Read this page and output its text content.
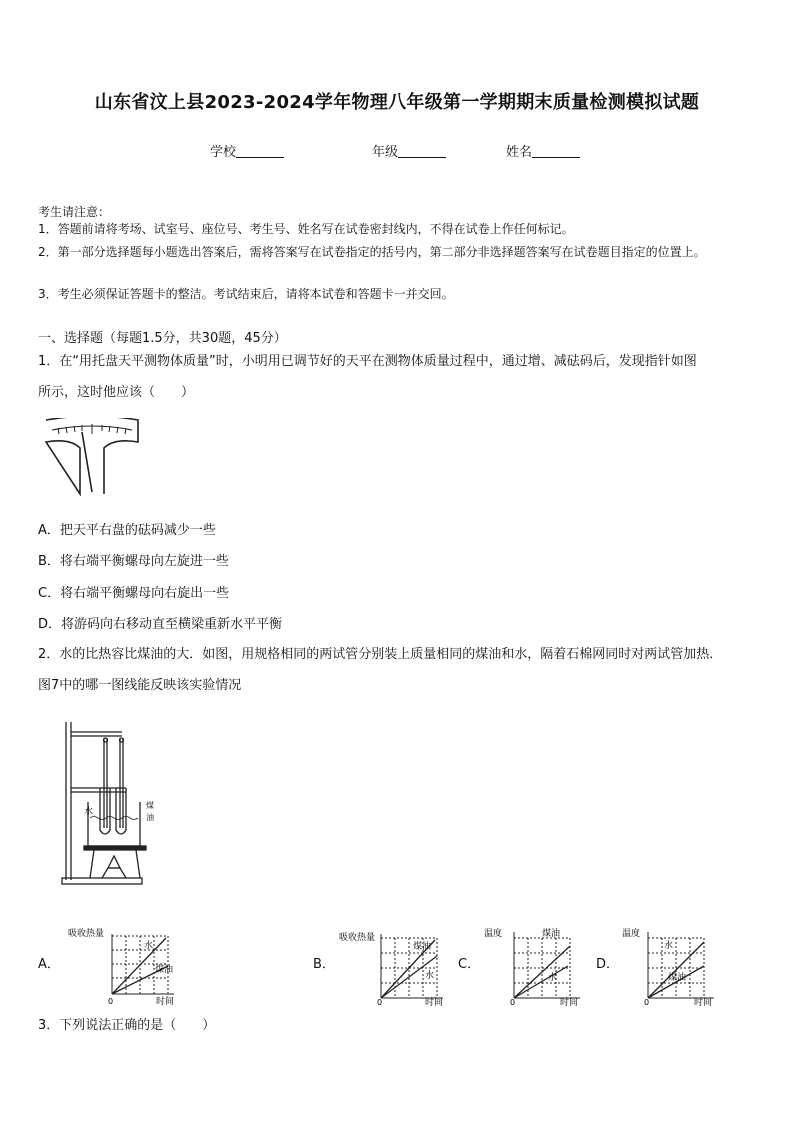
山东省汶上县2023-2024学年物理八年级第一学期期末质量检测模拟试题
学校	年级	姓名
考生请注意：
1．答题前请将考场、试室号、座位号、考生号、姓名写在试卷密封线内，不得在试卷上作任何标记。
2．第一部分选择题每小题选出答案后，需将答案写在试卷指定的括号内，第二部分非选择题答案写在试卷题目指定的位置上。
3．考生必须保证答题卡的整洁。考试结束后，请将本试卷和答题卡一并交回。
一、选择题（每题1.5分，共30题，45分）
1．在“用托盘天平测物体质量”时，小明用已调节好的天平在测物体质量过程中，通过增、减砝码后，发现指针如图
所示，这时他应该（　　）
A．把天平右盘的砝码减少一些
B．将右端平衡螺母向左旋进一些
C．将右端平衡螺母向右旋出一些
D．将游码向右移动直至横梁重新水平平衡
2．水的比热容比煤油的大．如图，用规格相同的两试管分别装上质量相同的煤油和水，隔着石棉网同时对两试管加热．
图7中的哪一图线能反映该实验情况
水
煤
油
A．
吸收热量
0	时间
水
煤油	B．
吸收热量
0	时间
煤油
水
C．
温度
0	时间
煤油
水
D．
温度
0	时间
水
煤油
3．下列说法正确的是（　　）
